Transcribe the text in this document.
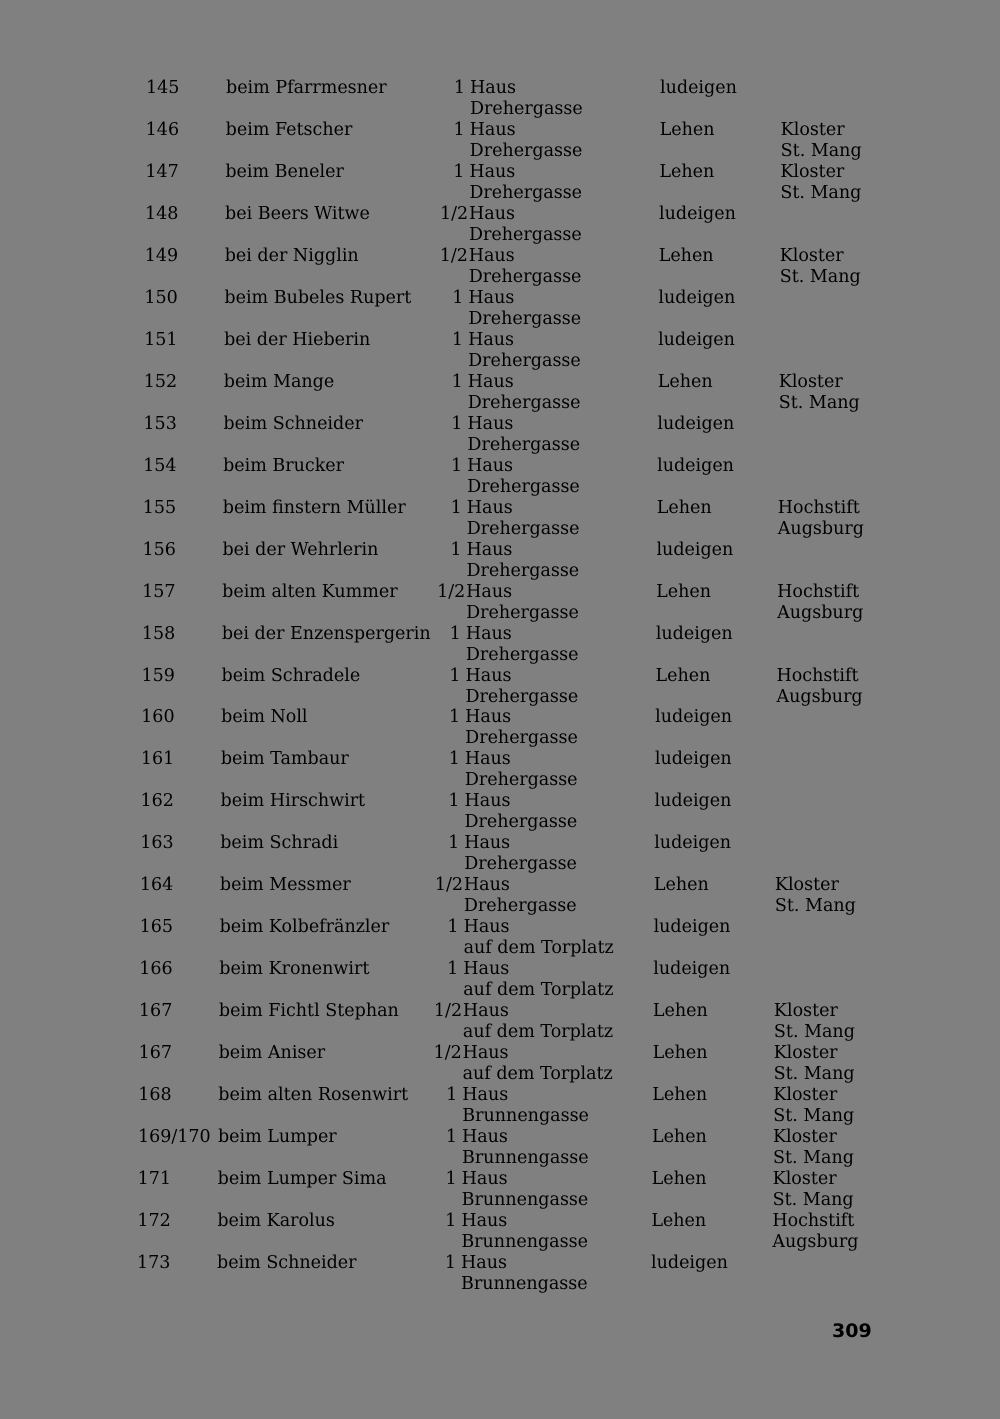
145	beim Pfarrmesner	1 Haus
Drehergasse
ludeigen
146	beim Fetscher	1 Haus
Drehergasse
Lehen	Kloster
St. Mang
147	beim Beneler	1 Haus
Drehergasse
Lehen	Kloster
St. Mang
148	bei Beers Witwe	1/2 Haus
Drehergasse
ludeigen
149	bei der Nigglin	1/2 Haus
Drehergasse
Lehen	Kloster
St. Mang
150	beim Bubeles Rupert	1 Haus
Drehergasse
ludeigen
151	bei der Hieberin	1 Haus
Drehergasse
ludeigen
152	beim Mange	1 Haus
Drehergasse
Lehen	Kloster
St. Mang
153	beim Schneider	1 Haus
Drehergasse
ludeigen
154	beim Brucker	1 Haus
Drehergasse
ludeigen
155	beim finstern Müller	1 Haus
Drehergasse
Lehen	Hochstift
Augsburg
156	bei der Wehrlerin	1 Haus
Drehergasse
ludeigen
157	beim alten Kummer 1/2 Haus
Drehergasse
Lehen	Hochstift
Augsburg
158	bei der Enzenspergerin	1 Haus
Drehergasse
ludeigen
159	beim Schradele	1 Haus
Drehergasse
Lehen	Hochstift
Augsburg
160	beim Noll	1 Haus
Drehergasse
ludeigen
161	beim Tambaur	1 Haus
Drehergasse
ludeigen
162	beim Hirschwirt	1 Haus
Drehergasse
ludeigen
163	beim Schradi	1 Haus
Drehergasse
ludeigen
164	beim Messmer	1/2 Haus
Drehergasse
Lehen	Kloster
St. Mang
165	beim Kolbefränzler	1 Haus
auf dem Torplatz
ludeigen
166	beim Kronenwirt	1 Haus
auf dem Torplatz
ludeigen
167	beim Fichtl Stephan 1/2 Haus
auf dem Torplatz
Lehen	Kloster
St. Mang
167	beim Aniser	1/2 Haus
auf dem Torplatz
Lehen	Kloster
St. Mang
168	beim alten Rosenwirt	1 Haus
Brunnengasse
Lehen	Kloster
St. Mang
169/170 beim Lumper	1 Haus
Brunnengasse
Lehen	Kloster
St. Mang
171	beim Lumper Sima	1 Haus
Brunnengasse
Lehen	Kloster
St. Mang
172	beim Karolus	1 Haus
Brunnengasse
Lehen	Hochstift
Augsburg
173	beim Schneider	1 Haus
Brunnengasse
ludeigen
309
